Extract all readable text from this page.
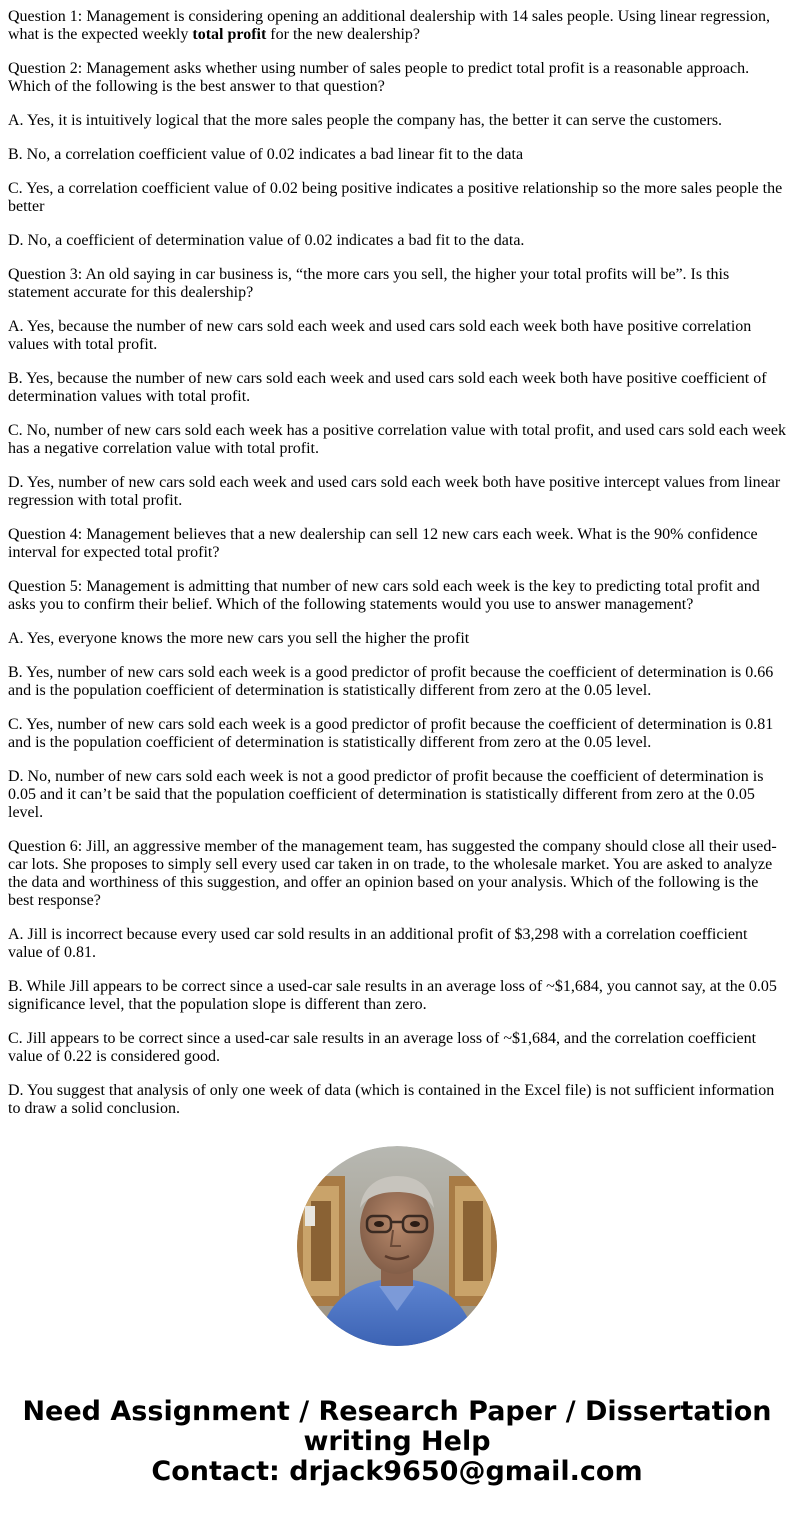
Question 1: Management is considering opening an additional dealership with 14 sales people. Using linear regression, what is the expected weekly total profit for the new dealership?

Question 2: Management asks whether using number of sales people to predict total profit is a reasonable approach. Which of the following is the best answer to that question?

A. Yes, it is intuitively logical that the more sales people the company has, the better it can serve the customers.

B. No, a correlation coefficient value of 0.02 indicates a bad linear fit to the data

C. Yes, a correlation coefficient value of 0.02 being positive indicates a positive relationship so the more sales people the better

D. No, a coefficient of determination value of 0.02 indicates a bad fit to the data.

Question 3: An old saying in car business is, “the more cars you sell, the higher your total profits will be”. Is this statement accurate for this dealership?

A. Yes, because the number of new cars sold each week and used cars sold each week both have positive correlation values with total profit.

B. Yes, because the number of new cars sold each week and used cars sold each week both have positive coefficient of determination values with total profit.

C. No, number of new cars sold each week has a positive correlation value with total profit, and used cars sold each week has a negative correlation value with total profit.

D. Yes, number of new cars sold each week and used cars sold each week both have positive intercept values from linear regression with total profit.

Question 4: Management believes that a new dealership can sell 12 new cars each week. What is the 90% confidence interval for expected total profit?

Question 5: Management is admitting that number of new cars sold each week is the key to predicting total profit and asks you to confirm their belief. Which of the following statements would you use to answer management?

A. Yes, everyone knows the more new cars you sell the higher the profit

B. Yes, number of new cars sold each week is a good predictor of profit because the coefficient of determination is 0.66 and is the population coefficient of determination is statistically different from zero at the 0.05 level.

C. Yes, number of new cars sold each week is a good predictor of profit because the coefficient of determination is 0.81 and is the population coefficient of determination is statistically different from zero at the 0.05 level.

D. No, number of new cars sold each week is not a good predictor of profit because the coefficient of determination is 0.05 and it can’t be said that the population coefficient of determination is statistically different from zero at the 0.05 level.

Question 6: Jill, an aggressive member of the management team, has suggested the company should close all their used-car lots. She proposes to simply sell every used car taken in on trade, to the wholesale market. You are asked to analyze the data and worthiness of this suggestion, and offer an opinion based on your analysis. Which of the following is the best response?

A. Jill is incorrect because every used car sold results in an additional profit of $3,298 with a correlation coefficient value of 0.81.

B. While Jill appears to be correct since a used-car sale results in an average loss of ~$1,684, you cannot say, at the 0.05 significance level, that the population slope is different than zero.

C. Jill appears to be correct since a used-car sale results in an average loss of ~$1,684, and the correlation coefficient value of 0.22 is considered good.

D. You suggest that analysis of only one week of data (which is contained in the Excel file) is not sufficient information to draw a solid conclusion.

Need Assignment / Research Paper / Dissertation writing Help
Contact: drjack9650@gmail.com
